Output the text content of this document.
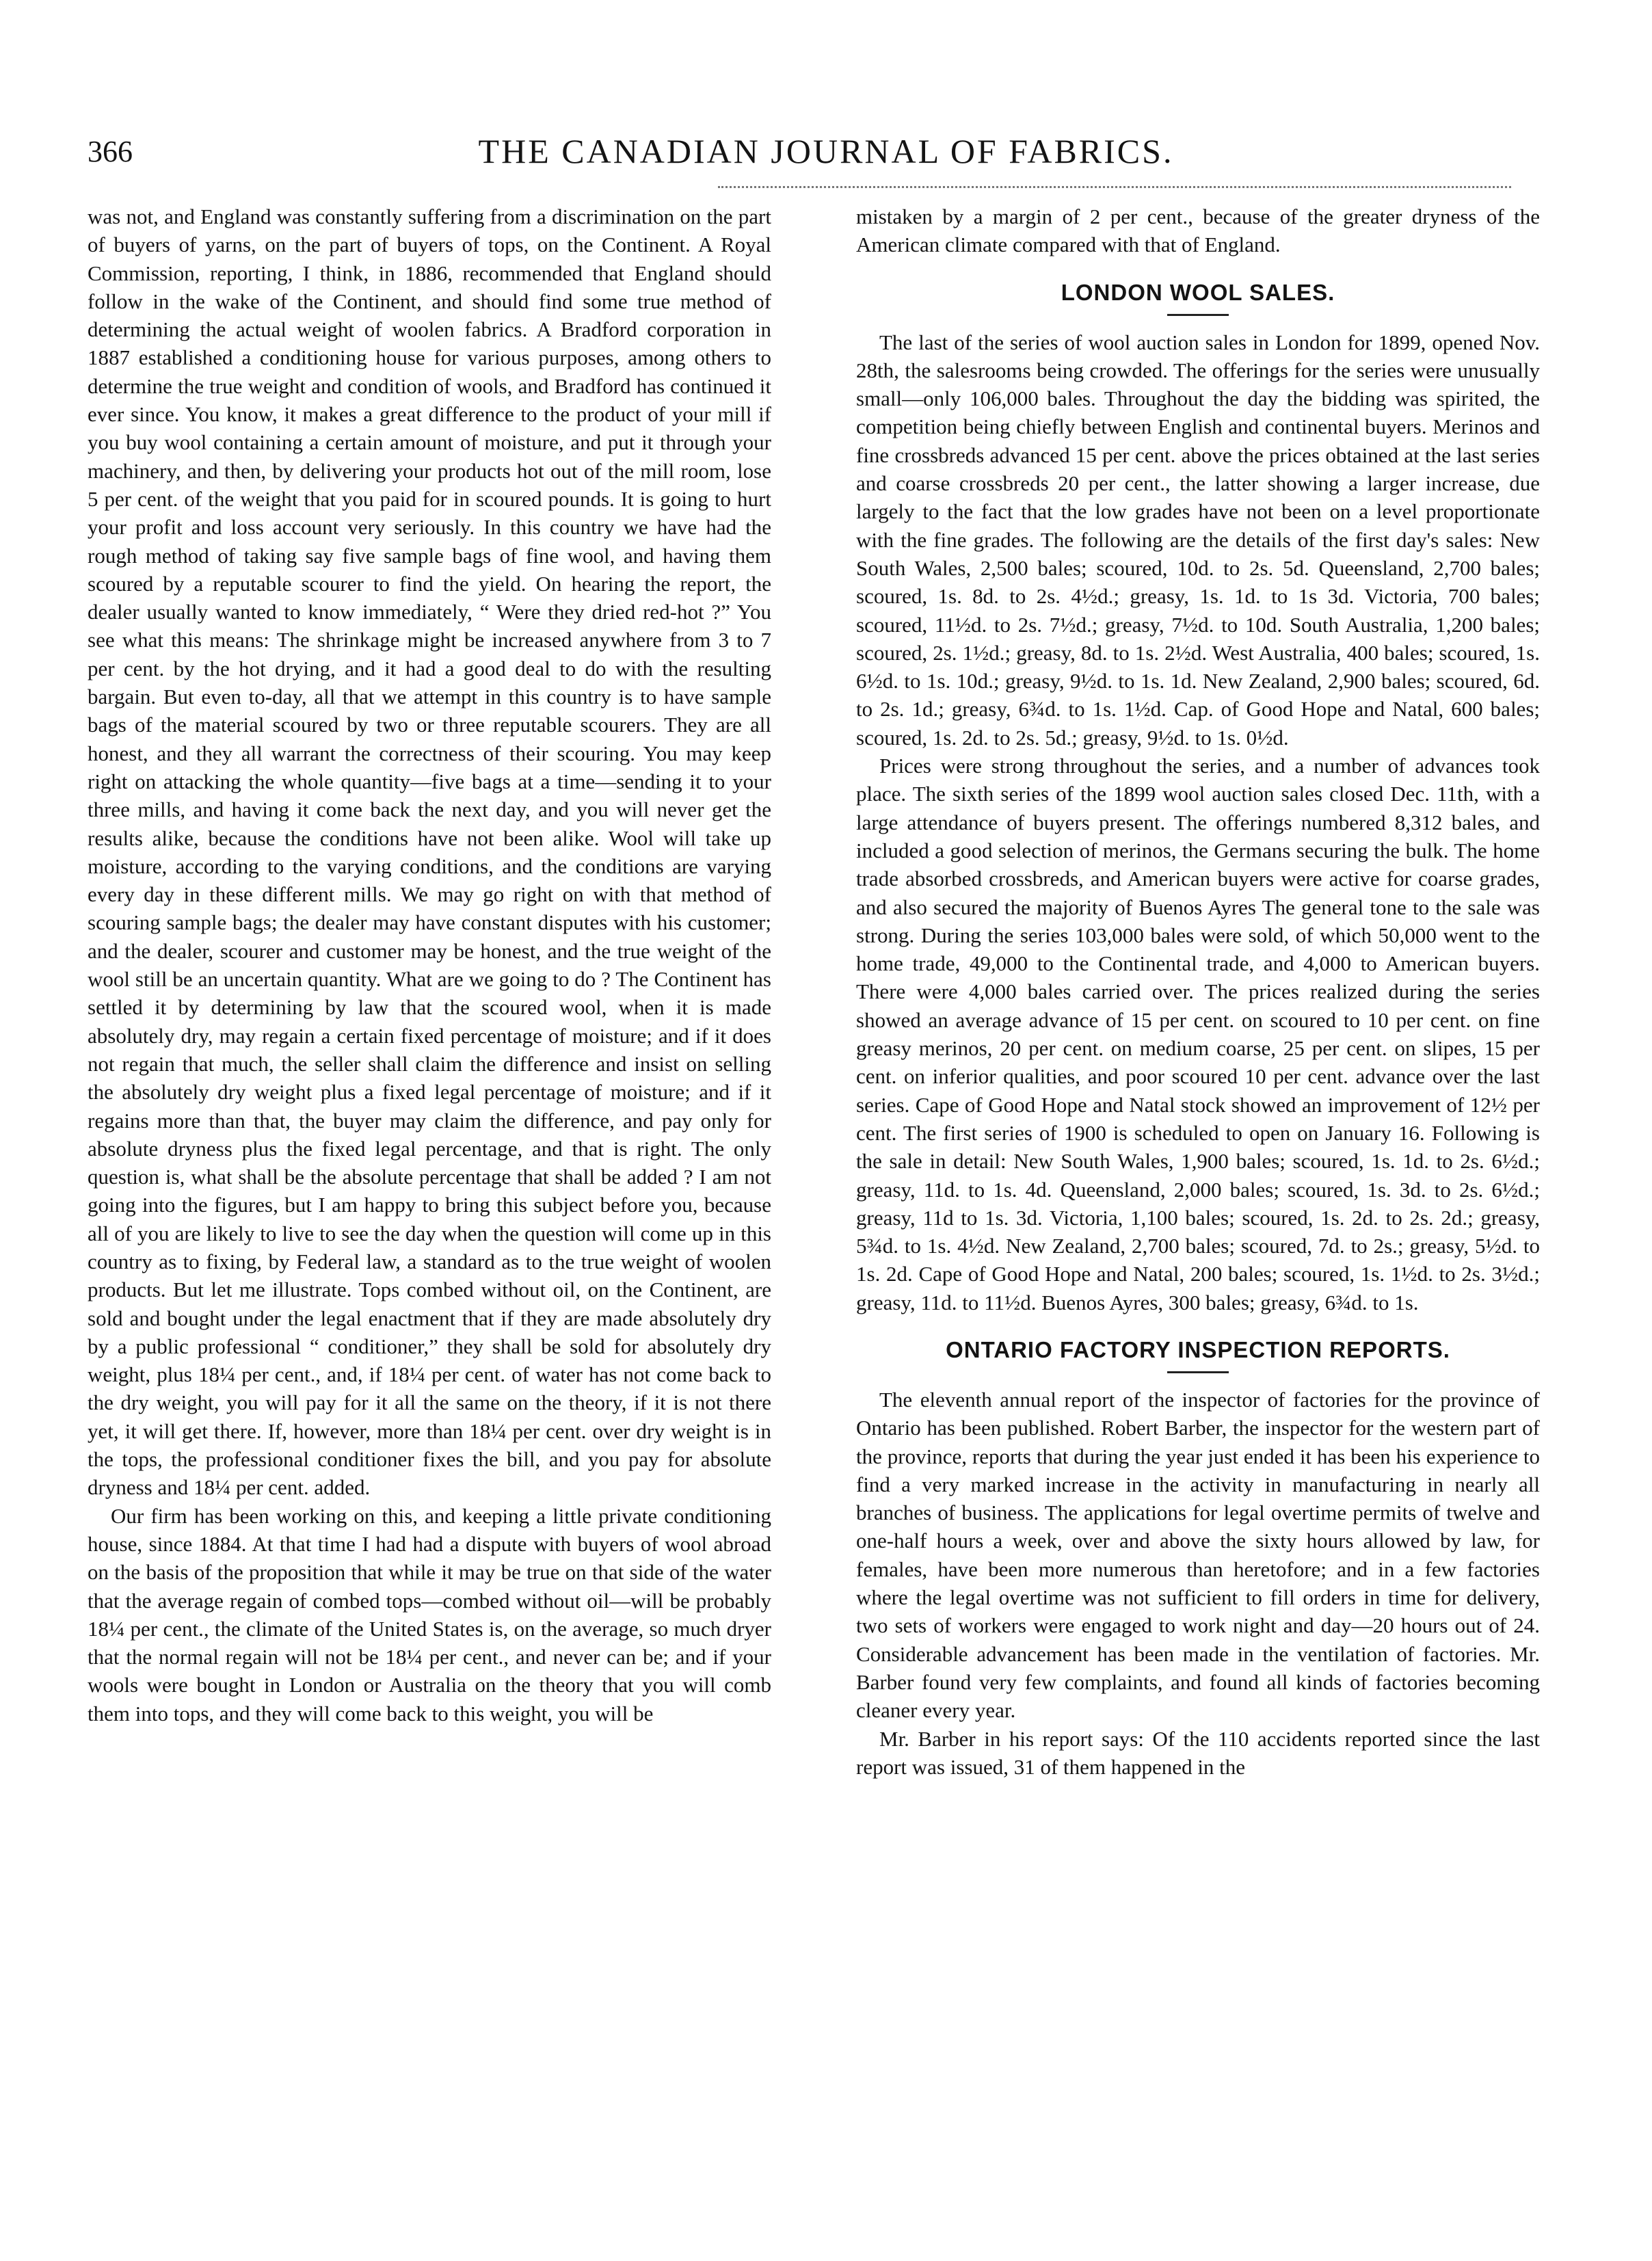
366	THE CANADIAN JOURNAL OF FABRICS.

was not, and England was constantly suffering from a discrimination on the part of buyers of yarns, on the part of buyers of tops, on the Continent. A Royal Commission, reporting, I think, in 1886, recommended that England should follow in the wake of the Continent, and should find some true method of determining the actual weight of woolen fabrics. A Bradford corporation in 1887 established a conditioning house for various purposes, among others to determine the true weight and condition of wools, and Bradford has continued it ever since. You know, it makes a great difference to the product of your mill if you buy wool containing a certain amount of moisture, and put it through your machinery, and then, by delivering your products hot out of the mill room, lose 5 per cent. of the weight that you paid for in scoured pounds. It is going to hurt your profit and loss account very seriously. In this country we have had the rough method of taking say five sample bags of fine wool, and having them scoured by a reputable scourer to find the yield. On hearing the report, the dealer usually wanted to know immediately, “ Were they dried red-hot ?” You see what this means: The shrinkage might be increased anywhere from 3 to 7 per cent. by the hot drying, and it had a good deal to do with the resulting bargain. But even to-day, all that we attempt in this country is to have sample bags of the material scoured by two or three reputable scourers. They are all honest, and they all warrant the correctness of their scouring. You may keep right on attacking the whole quantity—five bags at a time—sending it to your three mills, and having it come back the next day, and you will never get the results alike, because the conditions have not been alike. Wool will take up moisture, according to the varying conditions, and the conditions are varying every day in these different mills. We may go right on with that method of scouring sample bags; the dealer may have constant disputes with his customer; and the dealer, scourer and customer may be honest, and the true weight of the wool still be an uncertain quantity. What are we going to do ? The Continent has settled it by determining by law that the scoured wool, when it is made absolutely dry, may regain a certain fixed percentage of moisture; and if it does not regain that much, the seller shall claim the difference and insist on selling the absolutely dry weight plus a fixed legal percentage of moisture; and if it regains more than that, the buyer may claim the difference, and pay only for absolute dryness plus the fixed legal percentage, and that is right. The only question is, what shall be the absolute percentage that shall be added ? I am not going into the figures, but I am happy to bring this subject before you, because all of you are likely to live to see the day when the question will come up in this country as to fixing, by Federal law, a standard as to the true weight of woolen products. But let me illustrate. Tops combed without oil, on the Continent, are sold and bought under the legal enactment that if they are made absolutely dry by a public professional “ conditioner,” they shall be sold for absolutely dry weight, plus 18¼ per cent., and, if 18¼ per cent. of water has not come back to the dry weight, you will pay for it all the same on the theory, if it is not there yet, it will get there. If, however, more than 18¼ per cent. over dry weight is in the tops, the professional conditioner fixes the bill, and you pay for absolute dryness and 18¼ per cent. added.

Our firm has been working on this, and keeping a little private conditioning house, since 1884. At that time I had had a dispute with buyers of wool abroad on the basis of the proposition that while it may be true on that side of the water that the average regain of combed tops—combed without oil—will be probably 18¼ per cent., the climate of the United States is, on the average, so much dryer that the normal regain will not be 18¼ per cent., and never can be; and if your wools were bought in London or Australia on the theory that you will comb them into tops, and they will come back to this weight, you will be

mistaken by a margin of 2 per cent., because of the greater dryness of the American climate compared with that of England.

LONDON WOOL SALES.

The last of the series of wool auction sales in London for 1899, opened Nov. 28th, the salesrooms being crowded. The offerings for the series were unusually small—only 106,000 bales. Throughout the day the bidding was spirited, the competition being chiefly between English and continental buyers. Merinos and fine crossbreds advanced 15 per cent. above the prices obtained at the last series and coarse crossbreds 20 per cent., the latter showing a larger increase, due largely to the fact that the low grades have not been on a level proportionate with the fine grades. The following are the details of the first day's sales: New South Wales, 2,500 bales; scoured, 10d. to 2s. 5d. Queensland, 2,700 bales; scoured, 1s. 8d. to 2s. 4½d.; greasy, 1s. 1d. to 1s 3d. Victoria, 700 bales; scoured, 11½d. to 2s. 7½d.; greasy, 7½d. to 10d. South Australia, 1,200 bales; scoured, 2s. 1½d.; greasy, 8d. to 1s. 2½d. West Australia, 400 bales; scoured, 1s. 6½d. to 1s. 10d.; greasy, 9½d. to 1s. 1d. New Zealand, 2,900 bales; scoured, 6d. to 2s. 1d.; greasy, 6¾d. to 1s. 1½d. Cap. of Good Hope and Natal, 600 bales; scoured, 1s. 2d. to 2s. 5d.; greasy, 9½d. to 1s. 0½d.

Prices were strong throughout the series, and a number of advances took place. The sixth series of the 1899 wool auction sales closed Dec. 11th, with a large attendance of buyers present. The offerings numbered 8,312 bales, and included a good selection of merinos, the Germans securing the bulk. The home trade absorbed crossbreds, and American buyers were active for coarse grades, and also secured the majority of Buenos Ayres The general tone to the sale was strong. During the series 103,000 bales were sold, of which 50,000 went to the home trade, 49,000 to the Continental trade, and 4,000 to American buyers. There were 4,000 bales carried over. The prices realized during the series showed an average advance of 15 per cent. on scoured to 10 per cent. on fine greasy merinos, 20 per cent. on medium coarse, 25 per cent. on slipes, 15 per cent. on inferior qualities, and poor scoured 10 per cent. advance over the last series. Cape of Good Hope and Natal stock showed an improvement of 12½ per cent. The first series of 1900 is scheduled to open on January 16. Following is the sale in detail: New South Wales, 1,900 bales; scoured, 1s. 1d. to 2s. 6½d.; greasy, 11d. to 1s. 4d. Queensland, 2,000 bales; scoured, 1s. 3d. to 2s. 6½d.; greasy, 11d to 1s. 3d. Victoria, 1,100 bales; scoured, 1s. 2d. to 2s. 2d.; greasy, 5¾d. to 1s. 4½d. New Zealand, 2,700 bales; scoured, 7d. to 2s.; greasy, 5½d. to 1s. 2d. Cape of Good Hope and Natal, 200 bales; scoured, 1s. 1½d. to 2s. 3½d.; greasy, 11d. to 11½d. Buenos Ayres, 300 bales; greasy, 6¾d. to 1s.

ONTARIO FACTORY INSPECTION REPORTS.

The eleventh annual report of the inspector of factories for the province of Ontario has been published. Robert Barber, the inspector for the western part of the province, reports that during the year just ended it has been his experience to find a very marked increase in the activity in manufacturing in nearly all branches of business. The applications for legal overtime permits of twelve and one-half hours a week, over and above the sixty hours allowed by law, for females, have been more numerous than heretofore; and in a few factories where the legal overtime was not sufficient to fill orders in time for delivery, two sets of workers were engaged to work night and day—20 hours out of 24. Considerable advancement has been made in the ventilation of factories. Mr. Barber found very few complaints, and found all kinds of factories becoming cleaner every year.

Mr. Barber in his report says: Of the 110 accidents reported since the last report was issued, 31 of them happened in the
